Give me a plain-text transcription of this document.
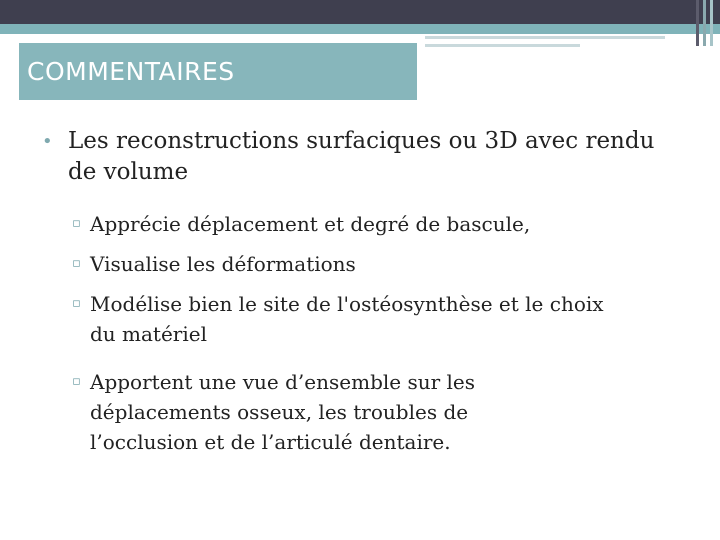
COMMENTAIRES
• Les reconstructions surfaciques ou 3D avec rendu de volume
▫ Apprécie déplacement et degré de bascule,
▫ Visualise les déformations
▫ Modélise bien le site de l'ostéosynthèse et le choix du matériel
▫ Apportent une vue d’ensemble sur les déplacements osseux, les troubles de l’occlusion et de l’articulé dentaire.
